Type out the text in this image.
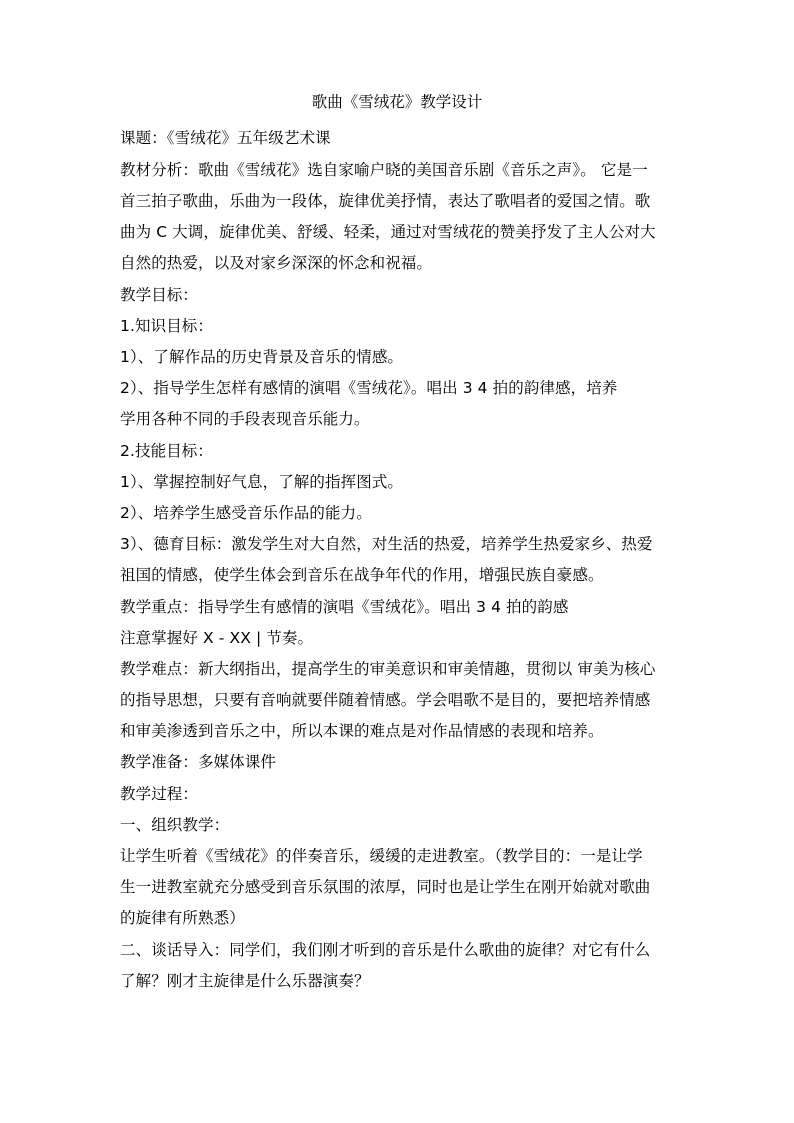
歌曲《雪绒花》教学设计
课题：《雪绒花》五年级艺术课
教材分析：歌曲《雪绒花》选自家喻户晓的美国音乐剧《音乐之声》。 它是一
首三拍子歌曲，乐曲为一段体，旋律优美抒情，表达了歌唱者的爱国之情。歌
曲为 C 大调，旋律优美、舒缓、轻柔，通过对雪绒花的赞美抒发了主人公对大
自然的热爱，以及对家乡深深的怀念和祝福。
教学目标：
1.知识目标：
1）、了解作品的历史背景及音乐的情感。
2）、指导学生怎样有感情的演唱《雪绒花》。唱出 3 4 拍的韵律感，培养
学用各种不同的手段表现音乐能力。
2.技能目标：
1）、掌握控制好气息，了解的指挥图式。
2）、培养学生感受音乐作品的能力。
3）、德育目标：激发学生对大自然，对生活的热爱，培养学生热爱家乡、热爱
祖国的情感，使学生体会到音乐在战争年代的作用，增强民族自豪感。
教学重点：指导学生有感情的演唱《雪绒花》。唱出 3 4 拍的韵感
注意掌握好 X - XX | 节奏。
教学难点：新大纲指出，提高学生的审美意识和审美情趣，贯彻以 审美为核心
的指导思想，只要有音响就要伴随着情感。学会唱歌不是目的，要把培养情感
和审美渗透到音乐之中，所以本课的难点是对作品情感的表现和培养。
教学准备：多媒体课件
教学过程：
一、组织教学：
让学生听着《雪绒花》的伴奏音乐，缓缓的走进教室。（教学目的：一是让学
生一进教室就充分感受到音乐氛围的浓厚，同时也是让学生在刚开始就对歌曲
的旋律有所熟悉）
二、谈话导入：同学们，我们刚才听到的音乐是什么歌曲的旋律？对它有什么
了解？刚才主旋律是什么乐器演奏？
